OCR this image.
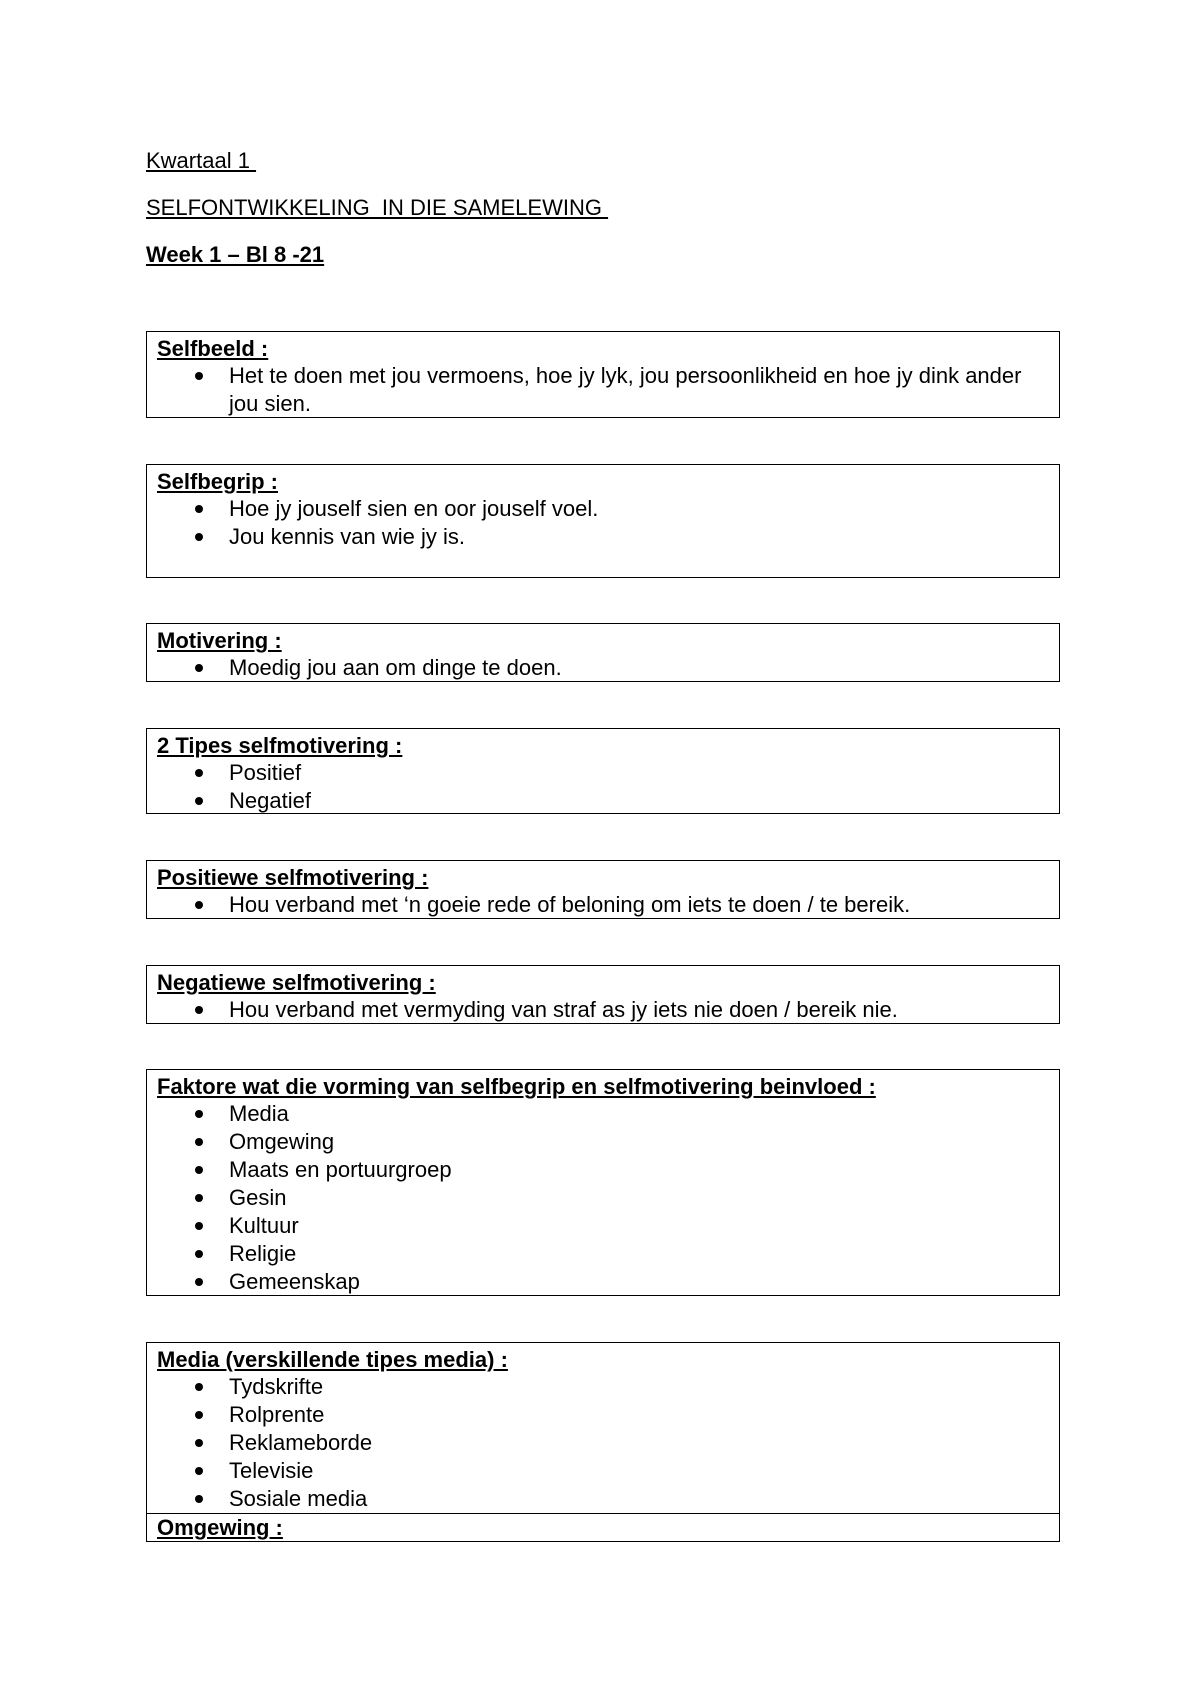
Kwartaal 1
SELFONTWIKKELING  IN DIE SAMELEWING
Week 1 – Bl 8 -21
Selfbeeld :
Het te doen met jou vermoens, hoe jy lyk, jou persoonlikheid en hoe jy dink ander jou sien.
Selfbegrip :
Hoe jy jouself sien en oor jouself voel.
Jou kennis van wie jy is.
Motivering :
Moedig jou aan om dinge te doen.
2 Tipes selfmotivering :
Positief
Negatief
Positiewe selfmotivering :
Hou verband met ‘n goeie rede of beloning om iets te doen / te bereik.
Negatiewe selfmotivering :
Hou verband met vermyding van straf as jy iets nie doen / bereik nie.
Faktore wat die vorming van selfbegrip en selfmotivering beinvloed :
Media
Omgewing
Maats en portuurgroep
Gesin
Kultuur
Religie
Gemeenskap
Media (verskillende tipes media) :
Tydskrifte
Rolprente
Reklameborde
Televisie
Sosiale media
Omgewing :
